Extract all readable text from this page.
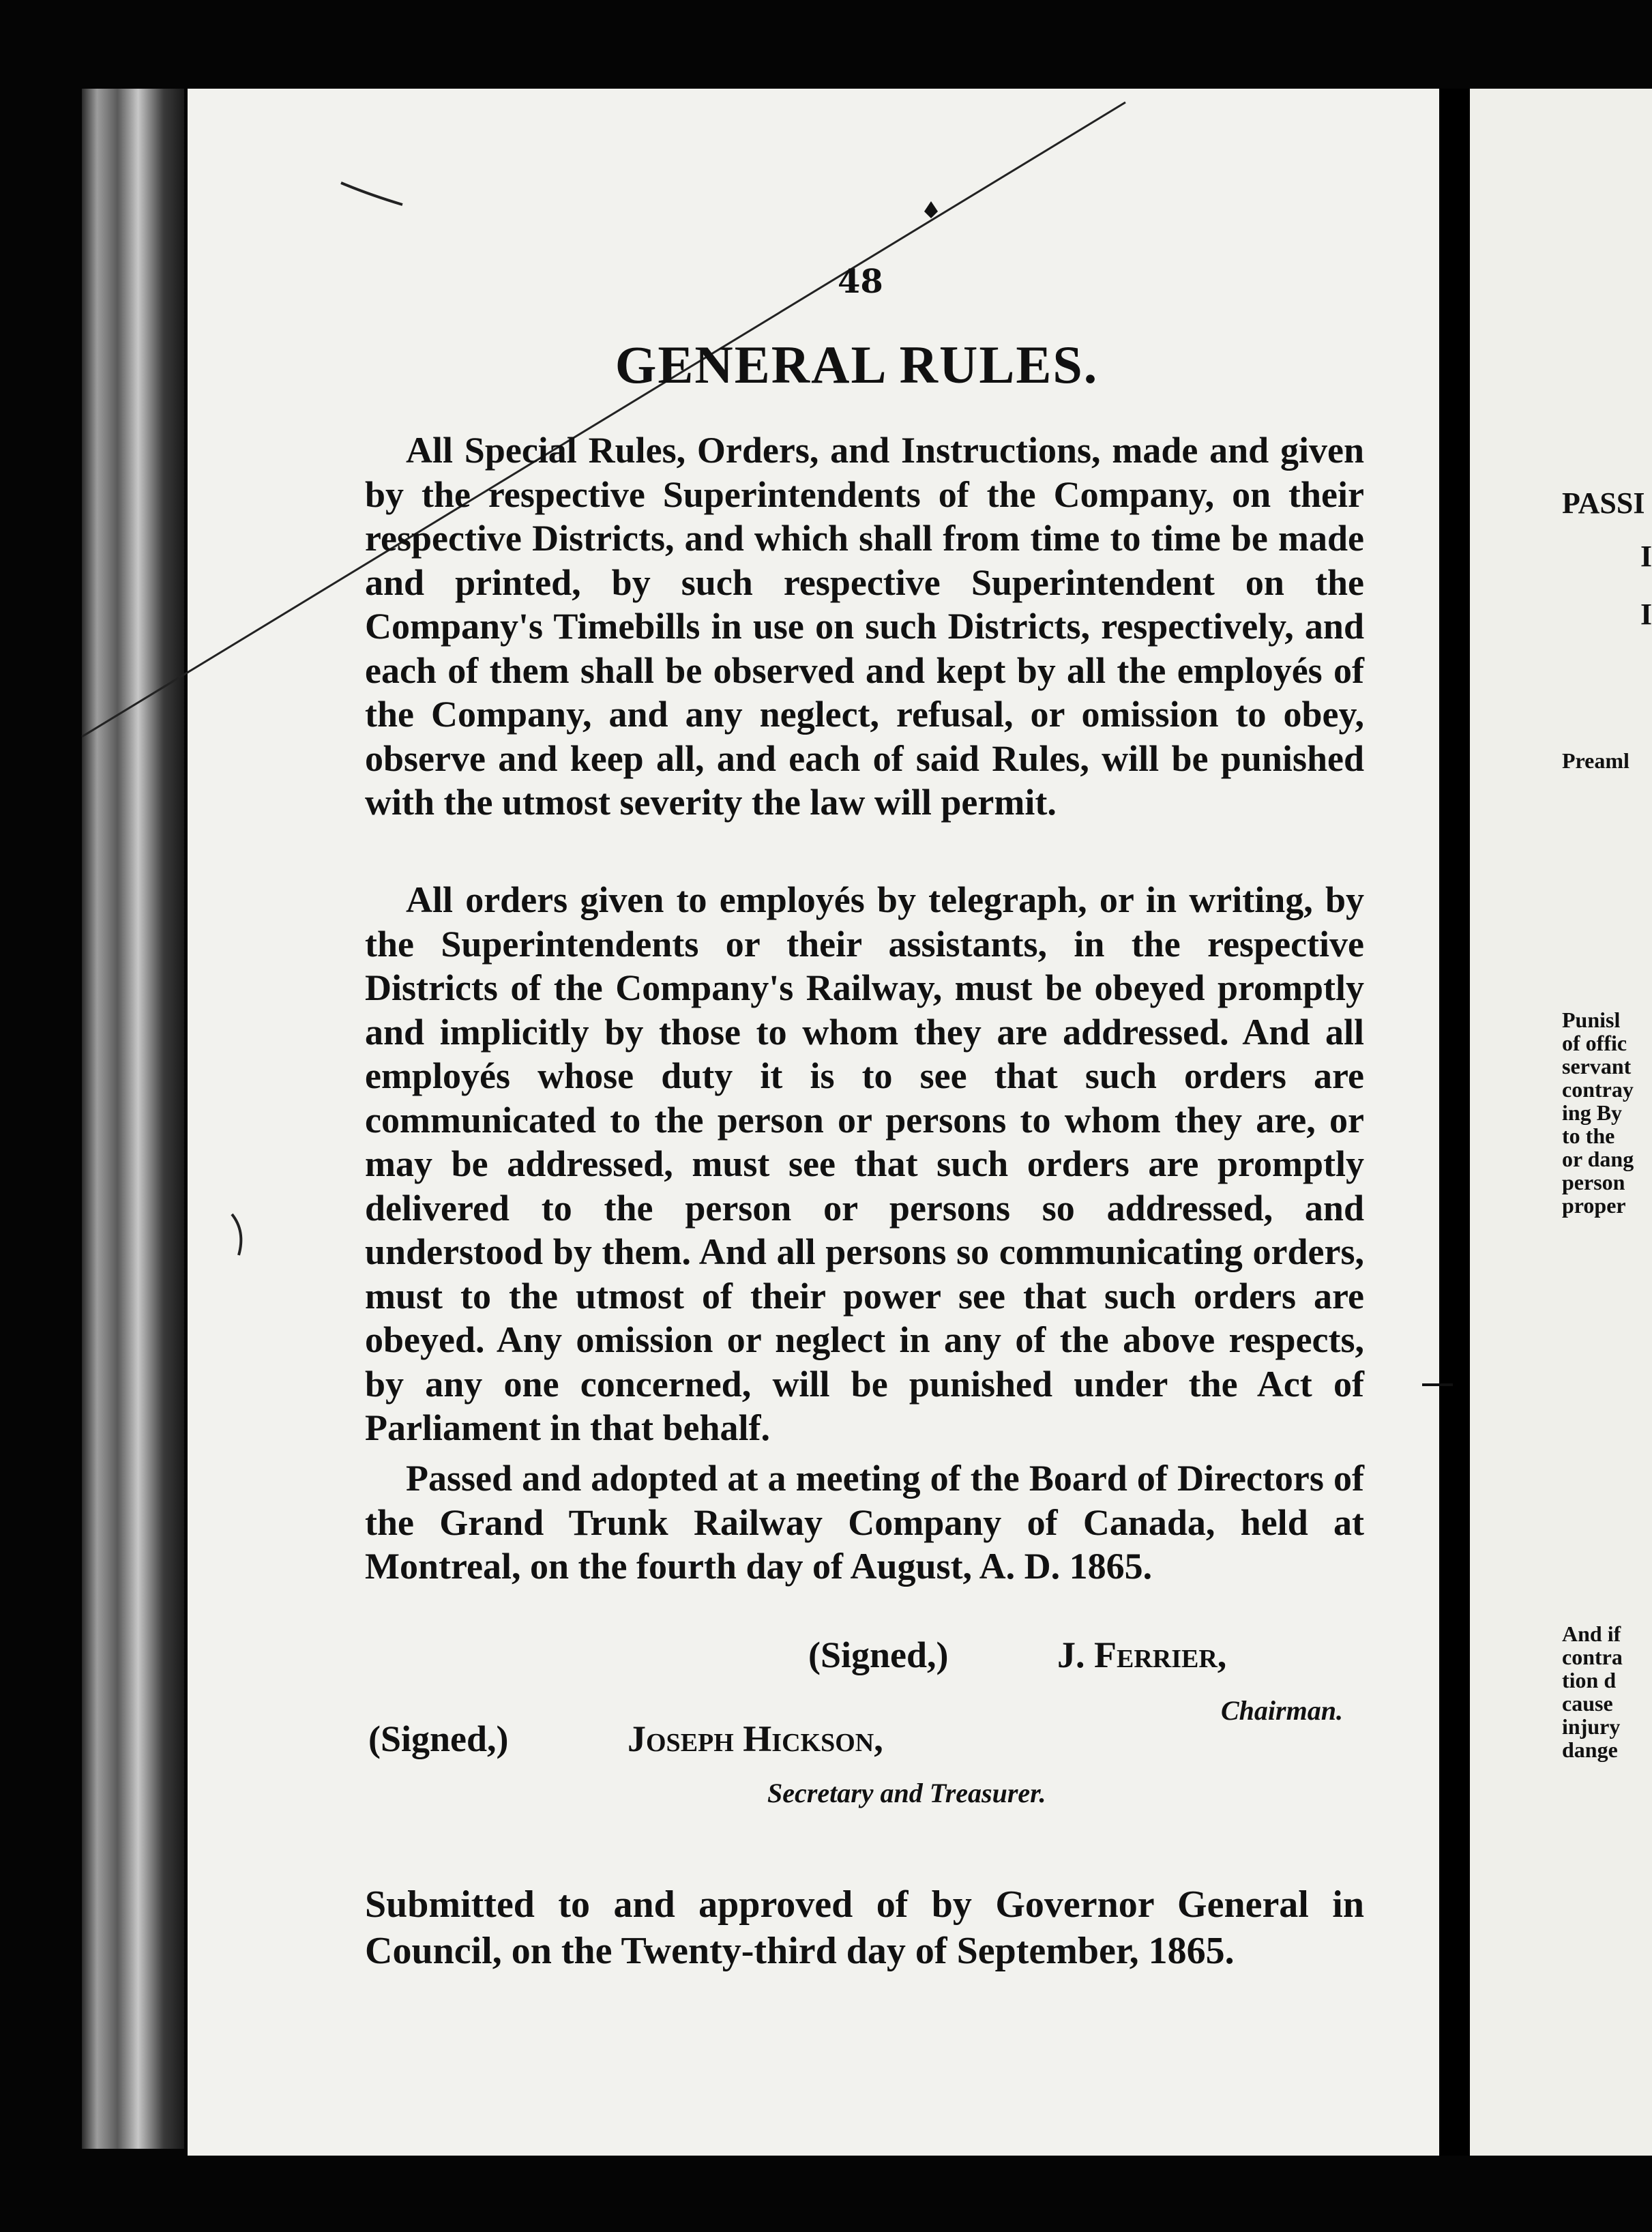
48
GENERAL RULES.

All Special Rules, Orders, and Instructions, made and given by the respective Superintendents of the Company, on their respective Districts, and which shall from time to time be made and printed, by such respective Superintendent on the Company's Timebills in use on such Districts, respectively, and each of them shall be observed and kept by all the employés of the Company, and any neglect, refusal, or omission to obey, observe and keep all, and each of said Rules, will be punished with the utmost severity the law will permit.

All orders given to employés by telegraph, or in writing, by the Superintendents or their assistants, in the respective Districts of the Company's Railway, must be obeyed promptly and implicitly by those to whom they are addressed. And all employés whose duty it is to see that such orders are communicated to the person or persons to whom they are, or may be addressed, must see that such orders are promptly delivered to the person or persons so addressed, and understood by them. And all persons so communicating orders, must to the utmost of their power see that such orders are obeyed. Any omission or neglect in any of the above respects, by any one concerned, will be punished under the Act of Parliament in that behalf.

Passed and adopted at a meeting of the Board of Directors of the Grand Trunk Railway Company of Canada, held at Montreal, on the fourth day of August, A. D. 1865.

(Signed,)	J. Ferrier,
Chairman.
(Signed,)	Joseph Hickson,
Secretary and Treasurer.
Submitted to and approved of by Governor General in Council, on the Twenty-third day of September, 1865.
PASSI
I
I
Preaml
Punisl
of offic
servant
contray
ing By
to the
or dang
person
proper
And if
contra
tion d
cause
injury
dange
